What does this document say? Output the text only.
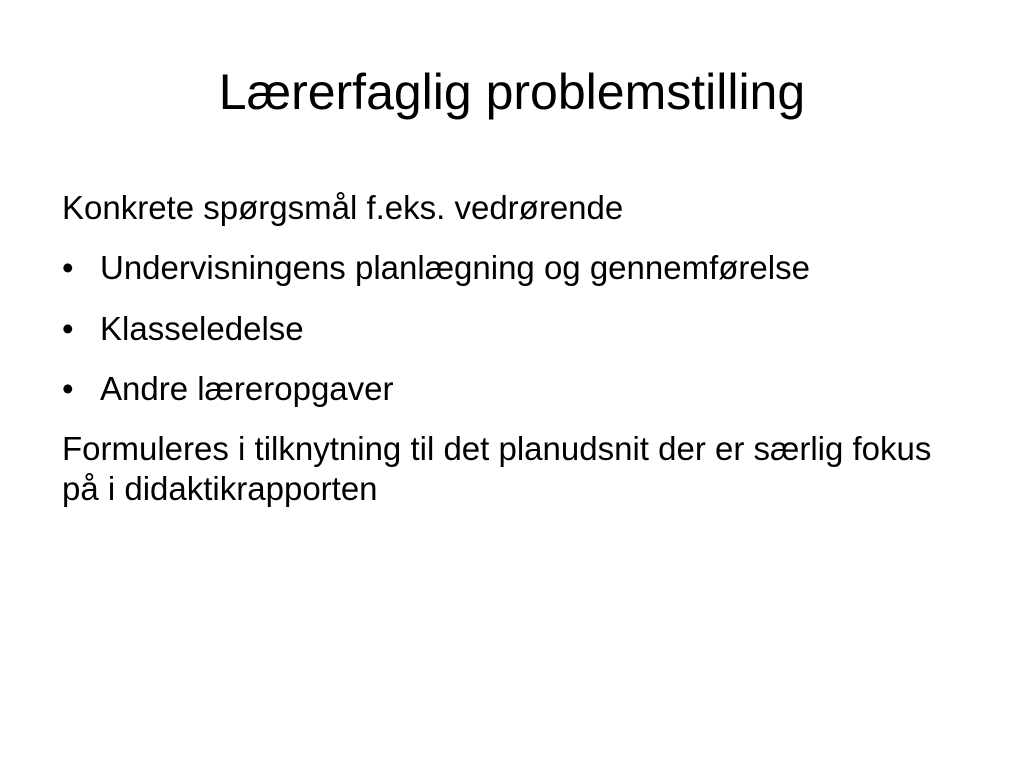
Lærerfaglig problemstilling

Konkrete spørgsmål f.eks. vedrørende

• Undervisningens planlægning og gennemførelse
• Klasseledelse
• Andre læreropgaver

Formuleres i tilknytning til det planudsnit der er særlig fokus på i didaktikrapporten
